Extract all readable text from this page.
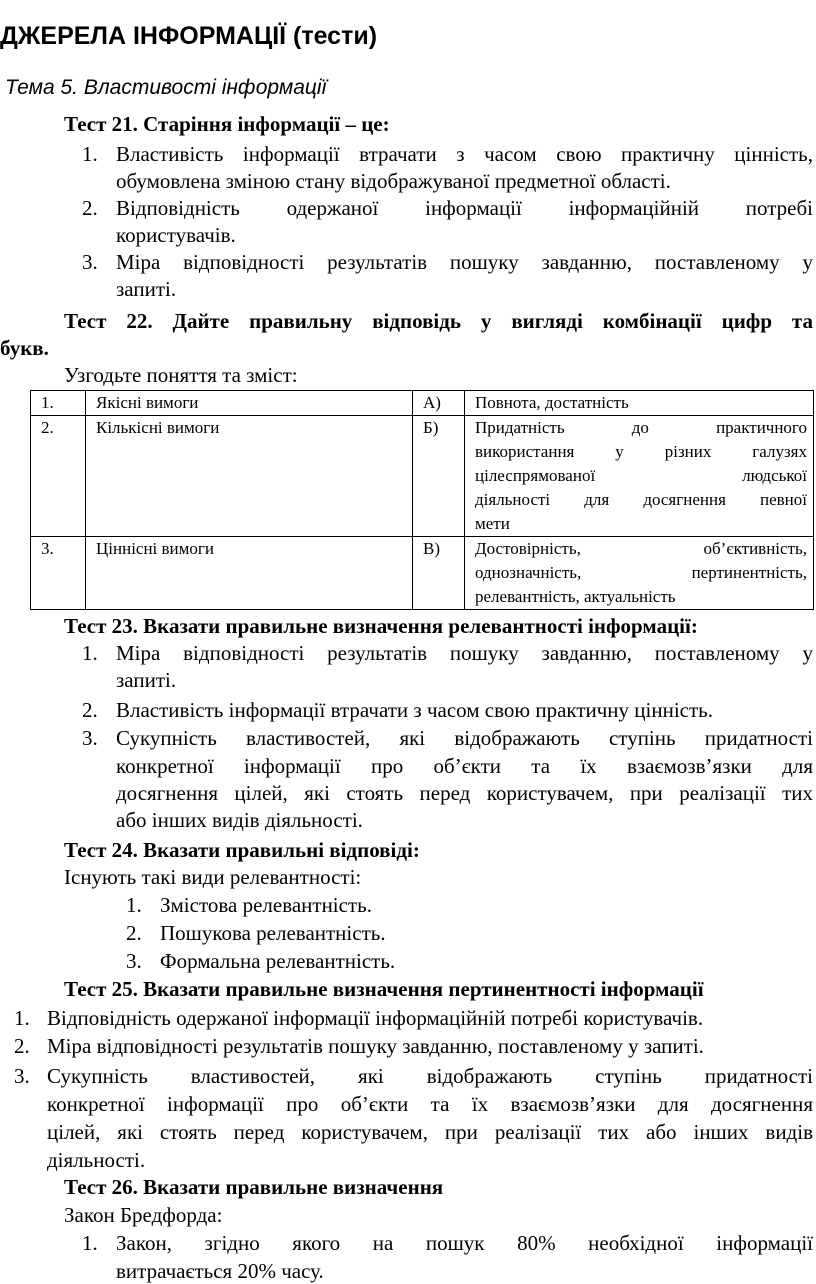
ДЖЕРЕЛА ІНФОРМАЦІЇ (тести)
Тема 5. Властивості інформації
Тест 21. Старіння інформації – це:
1. Властивість інформації втрачати з часом свою практичну цінність,
обумовлена зміною стану відображуваної предметної області.
2. Відповідність одержаної інформації інформаційній потребі
користувачів.
3. Міра відповідності результатів пошуку завданню, поставленому у
запиті.
Тест 22. Дайте правильну відповідь у вигляді комбінації цифр та
букв.
Узгодьте поняття та зміст:
1.	Якісні вимоги	А)	Повнота, достатність
2.	Кількісні вимоги	Б)	Придатність до практичного
використання у різних галузях
цілеспрямованої людської
діяльності для досягнення певної
мети

3.	Ціннісні вимоги	В)	Достовірність, об’єктивність,
однозначність, пертинентність,
релевантність, актуальність
Тест 23. Вказати правильне визначення релевантності інформації:
1. Міра відповідності результатів пошуку завданню, поставленому у
запиті.
2. Властивість інформації втрачати з часом свою практичну цінність.
3. Сукупність властивостей, які відображають ступінь придатності
конкретної інформації про об’єкти та їх взаємозв’язки для
досягнення цілей, які стоять перед користувачем, при реалізації тих
або інших видів діяльності.
Тест 24. Вказати правильні відповіді:
Існують такі види релевантності:
1. Змістова релевантність.
2. Пошукова релевантність.
3. Формальна релевантність.
Тест 25. Вказати правильне визначення пертинентності інформації
1. Відповідність одержаної інформації інформаційній потребі користувачів.
2. Міра відповідності результатів пошуку завданню, поставленому у запиті.
3. Сукупність властивостей, які відображають ступінь придатності
конкретної інформації про об’єкти та їх взаємозв’язки для досягнення
цілей, які стоять перед користувачем, при реалізації тих або інших видів
діяльності.
Тест 26. Вказати правильне визначення
Закон Бредфорда:
1. Закон, згідно якого на пошук 80% необхідної інформації
витрачається 20% часу.
